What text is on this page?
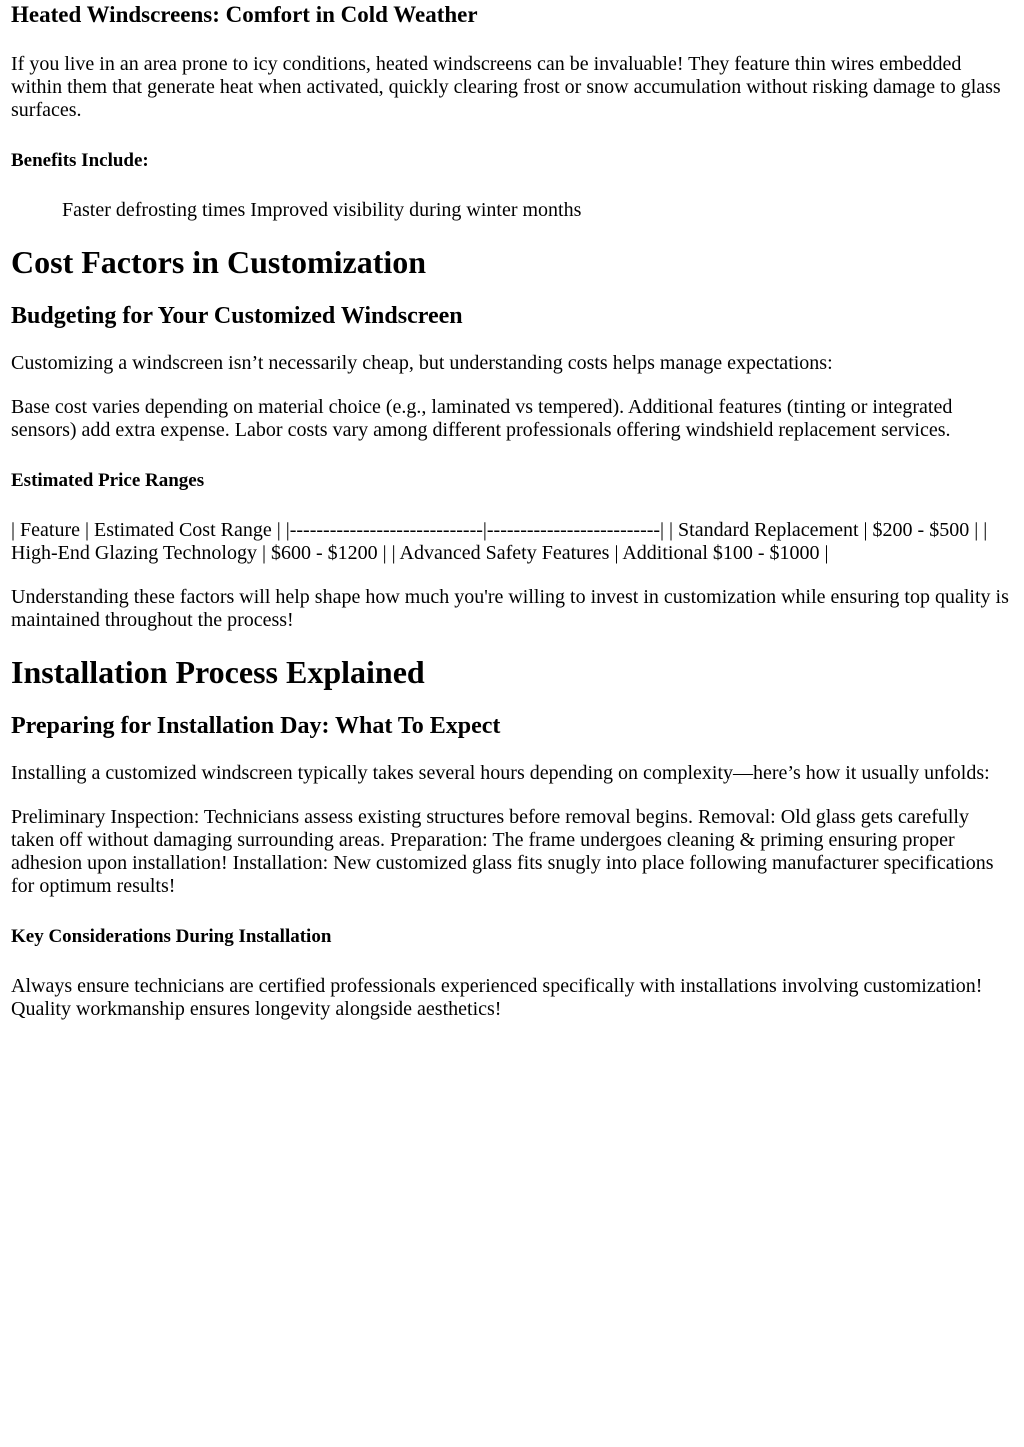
Heated Windscreens: Comfort in Cold Weather

If you live in an area prone to icy conditions, heated windscreens can be invaluable! They feature thin wires embedded within them that generate heat when activated, quickly clearing frost or snow accumulation without risking damage to glass surfaces.

Benefits Include:

Faster defrosting times Improved visibility during winter months

Cost Factors in Customization
Budgeting for Your Customized Windscreen

Customizing a windscreen isn’t necessarily cheap, but understanding costs helps manage expectations:

Base cost varies depending on material choice (e.g., laminated vs tempered). Additional features (tinting or integrated sensors) add extra expense. Labor costs vary among different professionals offering windshield replacement services.

Estimated Price Ranges

| Feature | Estimated Cost Range | |-----------------------------|--------------------------| | Standard Replacement | $200 - $500 | | High-End Glazing Technology | $600 - $1200 | | Advanced Safety Features | Additional $100 - $1000 |

Understanding these factors will help shape how much you're willing to invest in customization while ensuring top quality is maintained throughout the process!

Installation Process Explained
Preparing for Installation Day: What To Expect

Installing a customized windscreen typically takes several hours depending on complexity—here’s how it usually unfolds:

Preliminary Inspection: Technicians assess existing structures before removal begins. Removal: Old glass gets carefully taken off without damaging surrounding areas. Preparation: The frame undergoes cleaning & priming ensuring proper adhesion upon installation! Installation: New customized glass fits snugly into place following manufacturer specifications for optimum results!

Key Considerations During Installation

Always ensure technicians are certified professionals experienced specifically with installations involving customization! Quality workmanship ensures longevity alongside aesthetics!
